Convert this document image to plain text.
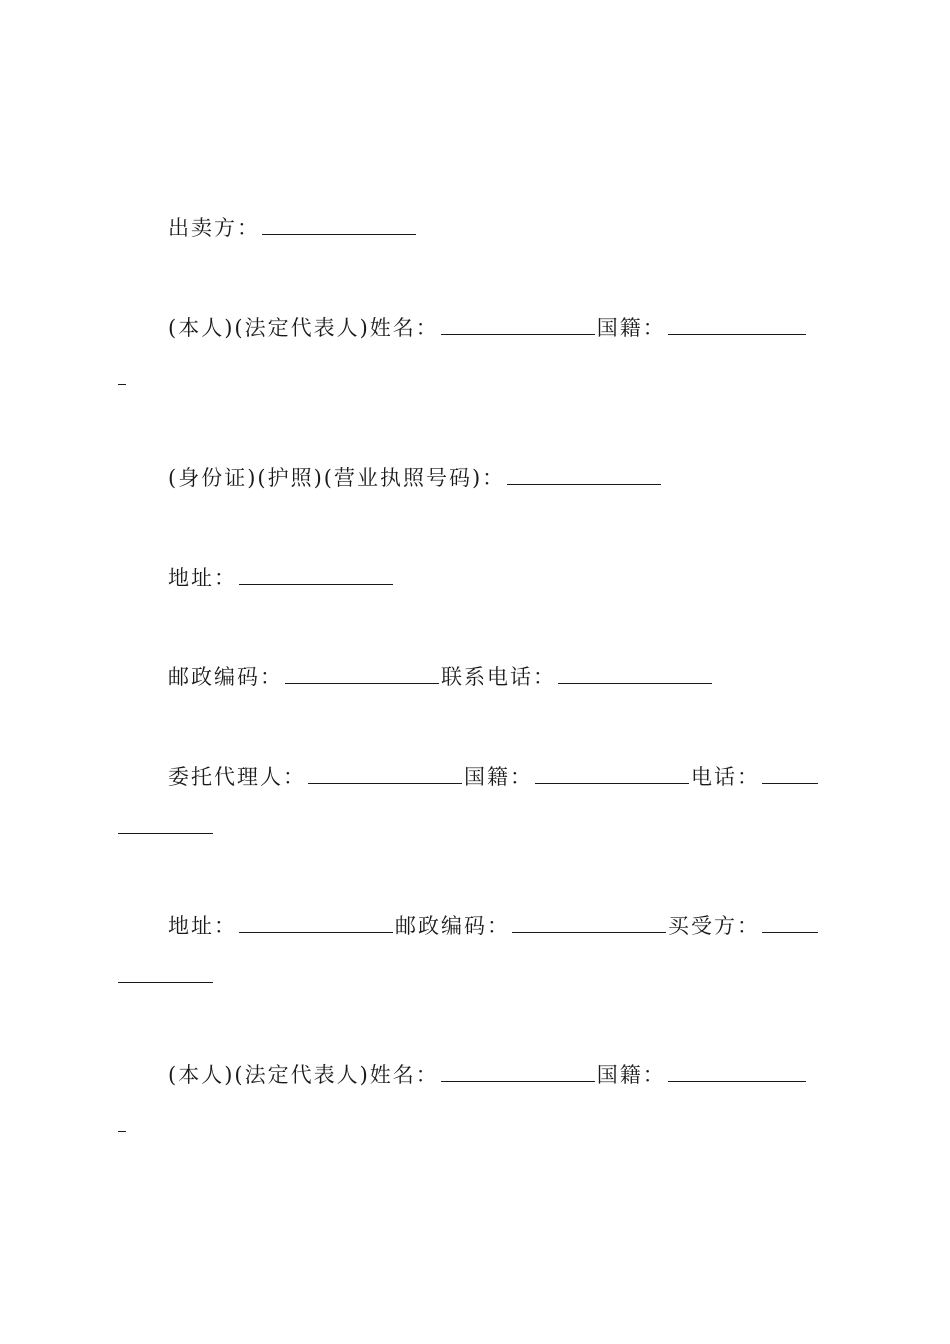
出卖方：
(本人)(法定代表人)姓名：	国籍：
(身份证)(护照)(营业执照号码)：
地址：
邮政编码：	联系电话：
委托代理人：	国籍：	电话：
地址：	邮政编码：	买受方：
(本人)(法定代表人)姓名：	国籍：
